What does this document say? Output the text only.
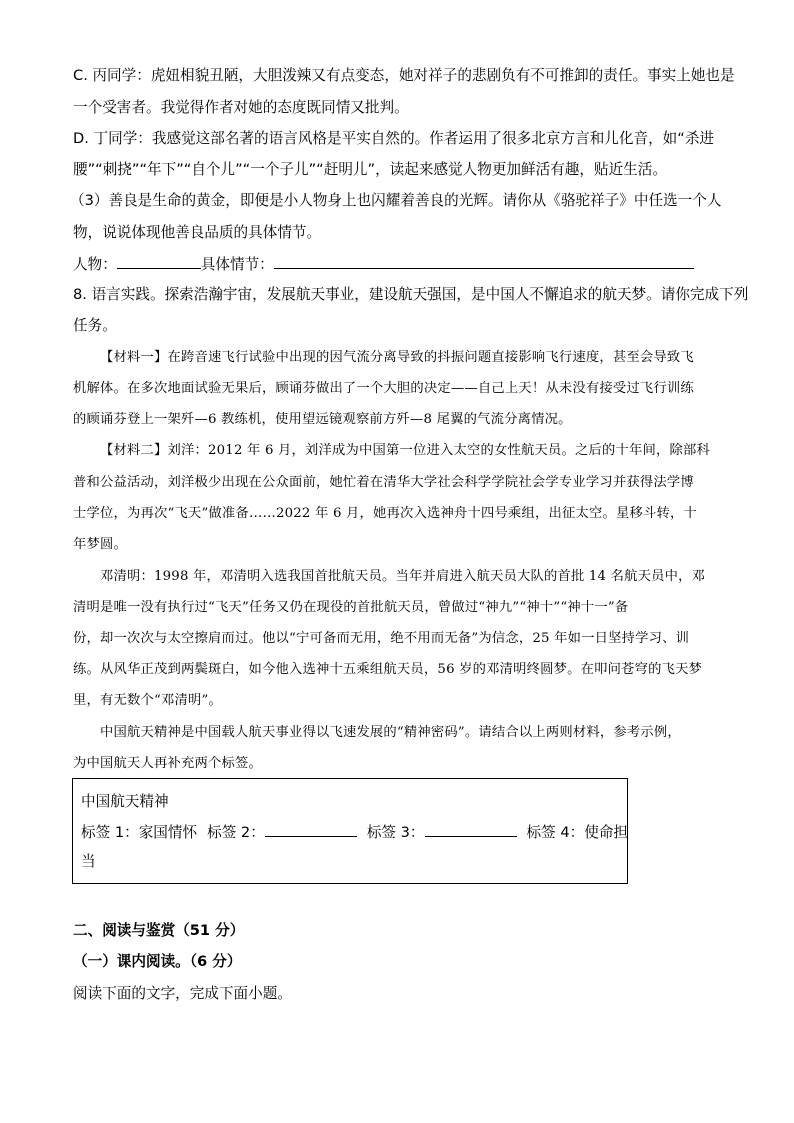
C. 丙同学：虎妞相貌丑陋，大胆泼辣又有点变态，她对祥子的悲剧负有不可推卸的责任。事实上她也是
一个受害者。我觉得作者对她的态度既同情又批判。
D. 丁同学：我感觉这部名著的语言风格是平实自然的。作者运用了很多北京方言和儿化音，如“杀进
腰”“刺挠”“年下”“自个儿”“一个子儿”“赶明儿”，读起来感觉人物更加鲜活有趣，贴近生活。
（3）善良是生命的黄金，即便是小人物身上也闪耀着善良的光辉。请你从《骆驼祥子》中任选一个人
物，说说体现他善良品质的具体情节。
人物：	具体情节：
8. 语言实践。探索浩瀚宇宙，发展航天事业，建设航天强国，是中国人不懈追求的航天梦。请你完成下列
任务。
【材料一】在跨音速飞行试验中出现的因气流分离导致的抖振问题直接影响飞行速度，甚至会导致飞
机解体。在多次地面试验无果后，顾诵芬做出了一个大胆的决定——自己上天！从未没有接受过飞行训练
的顾诵芬登上一架歼—6 教练机，使用望远镜观察前方歼—8 尾翼的气流分离情况。
【材料二】刘洋：2012 年 6 月，刘洋成为中国第一位进入太空的女性航天员。之后的十年间，除部科
普和公益活动，刘洋极少出现在公众面前，她忙着在清华大学社会科学学院社会学专业学习并获得法学博
士学位，为再次“飞天”做准备……2022 年 6 月，她再次入选神舟十四号乘组，出征太空。星移斗转，十
年梦圆。
邓清明：1998 年，邓清明入选我国首批航天员。当年并肩进入航天员大队的首批 14 名航天员中，邓
清明是唯一没有执行过“飞天”任务又仍在现役的首批航天员，曾做过“神九”“神十”“神十一”备
份，却一次次与太空擦肩而过。他以“宁可备而无用，绝不用而无备”为信念，25 年如一日坚持学习、训
练。从风华正茂到两鬓斑白，如今他入选神十五乘组航天员，56 岁的邓清明终圆梦。在叩问苍穹的飞天梦
里，有无数个“邓清明”。
中国航天精神是中国载人航天事业得以飞速发展的“精神密码”。请结合以上两则材料，参考示例，
为中国航天人再补充两个标签。
中国航天精神
标签 1：家国情怀 标签 2：	标签 3：	标签 4：使命担
当
二、阅读与鉴赏（51 分）
（一）课内阅读。（6 分）
阅读下面的文字，完成下面小题。
